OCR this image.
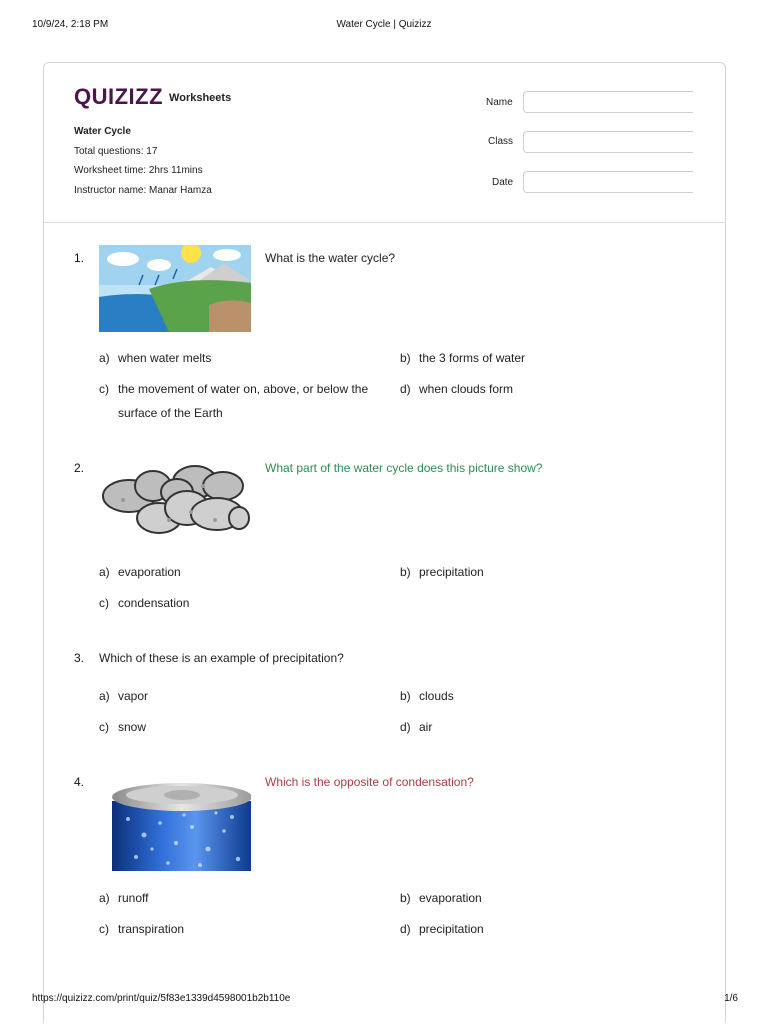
10/9/24, 2:18 PM	Water Cycle | Quizizz
QUIZIZZ Worksheets
Water Cycle
Total questions: 17
Worksheet time: 2hrs 11mins
Instructor name: Manar Hamza
Name
Class
Date
1.	What is the water cycle?
a) when water melts	b) the 3 forms of water
c) the movement of water on, above, or below the
surface of the Earth
d) when clouds form
2.	What part of the water cycle does this picture show?
a) evaporation	b) precipitation
c) condensation
3. Which of these is an example of precipitation?
a) vapor	b) clouds
c) snow	d) air
4.	Which is the opposite of condensation?
a) runoff	b) evaporation
c) transpiration	d) precipitation
https://quizizz.com/print/quiz/5f83e1339d4598001b2b110e	1/6
